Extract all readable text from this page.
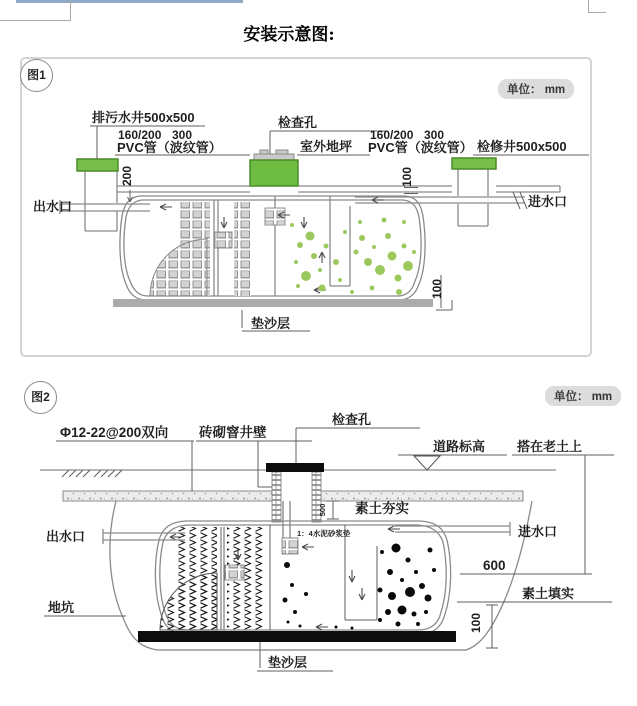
安装示意图:
图1
单位： mm
图2	单位： mm
排污水井500x500
160/200 300
PVC管（波纹管）
检查孔
室外地坪
160/200 300
PVC管（波纹管） 检修井500x500
出水口	进水口
垫沙层
200	100
100
Φ12-22@200双向 砖砌窨井壁
检查孔
道路标高 搭在老土上
素土夯实
1：4水泥砂浆垫
出水口	进水口
素土填实
地坑
垫沙层
500
600
100
